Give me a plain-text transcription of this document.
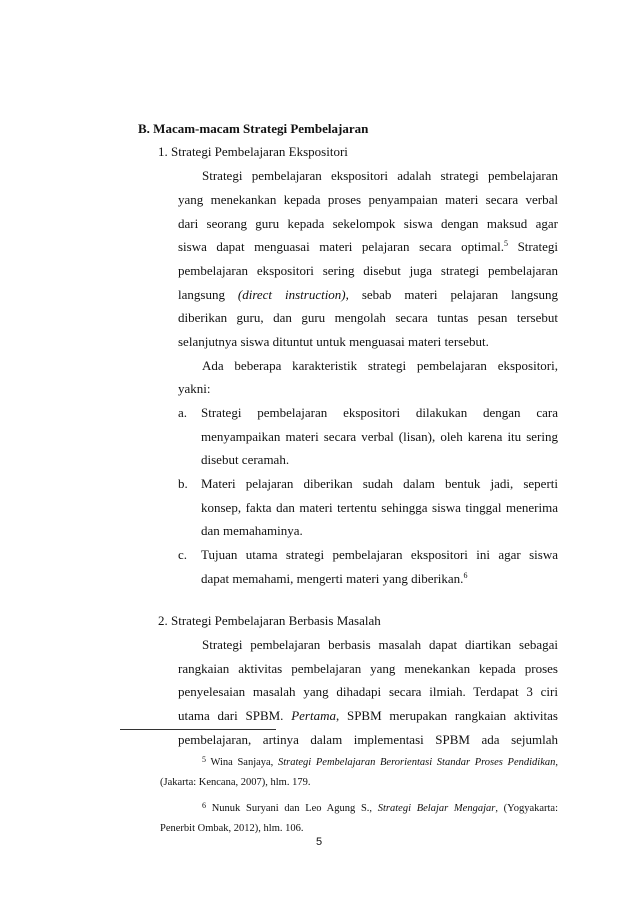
B. Macam-macam Strategi Pembelajaran
1. Strategi Pembelajaran Ekspositori
Strategi pembelajaran ekspositori adalah strategi pembelajaran
yang menekankan kepada proses penyampaian materi secara verbal
dari seorang guru kepada sekelompok siswa dengan maksud agar
siswa dapat menguasai materi pelajaran secara optimal.$^5$ Strategi
pembelajaran ekspositori sering disebut juga strategi pembelajaran
langsung (direct instruction), sebab materi pelajaran langsung
diberikan guru, dan guru mengolah secara tuntas pesan tersebut
selanjutnya siswa dituntut untuk menguasai materi tersebut.
Ada beberapa karakteristik strategi pembelajaran ekspositori,
yakni:
a. Strategi pembelajaran ekspositori dilakukan dengan cara
menyampaikan materi secara verbal (lisan), oleh karena itu sering
disebut ceramah.
b. Materi pelajaran diberikan sudah dalam bentuk jadi, seperti
konsep, fakta dan materi tertentu sehingga siswa tinggal menerima
dan memahaminya.
c. Tujuan utama strategi pembelajaran ekspositori ini agar siswa
dapat memahami, mengerti materi yang diberikan.$^6$
2. Strategi Pembelajaran Berbasis Masalah
Strategi pembelajaran berbasis masalah dapat diartikan sebagai
rangkaian aktivitas pembelajaran yang menekankan kepada proses
penyelesaian masalah yang dihadapi secara ilmiah. Terdapat 3 ciri
utama dari SPBM. Pertama, SPBM merupakan rangkaian aktivitas
pembelajaran, artinya dalam implementasi SPBM ada sejumlah
$^5$ Wina Sanjaya, Strategi Pembelajaran Berorientasi Standar Proses Pendidikan,
(Jakarta: Kencana, 2007), hlm. 179.
$^6$ Nunuk Suryani dan Leo Agung S., Strategi Belajar Mengajar, (Yogyakarta:
Penerbit Ombak, 2012), hlm. 106.
5
